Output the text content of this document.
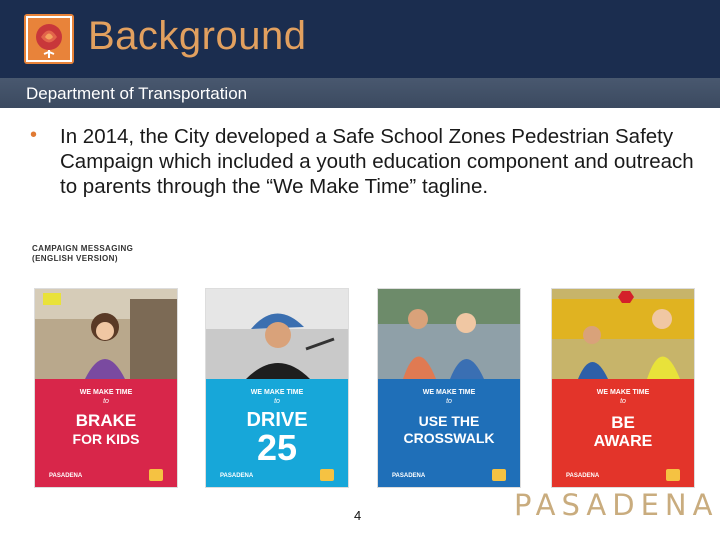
Background
Department of Transportation
• In 2014, the City developed a Safe School Zones Pedestrian Safety Campaign which included a youth education component and outreach to parents through the “We Make Time” tagline.
CAMPAIGN MESSAGING
(ENGLISH VERSION)
WE MAKE TIME
to
BRAKE
FOR KIDS
PASADENA
WE MAKE TIME
to
DRIVE
25
PASADENA
WE MAKE TIME
to
USE THE
CROSSWALK
PASADENA
WE MAKE TIME
to
BE
AWARE
PASADENA
4	PASADENA
